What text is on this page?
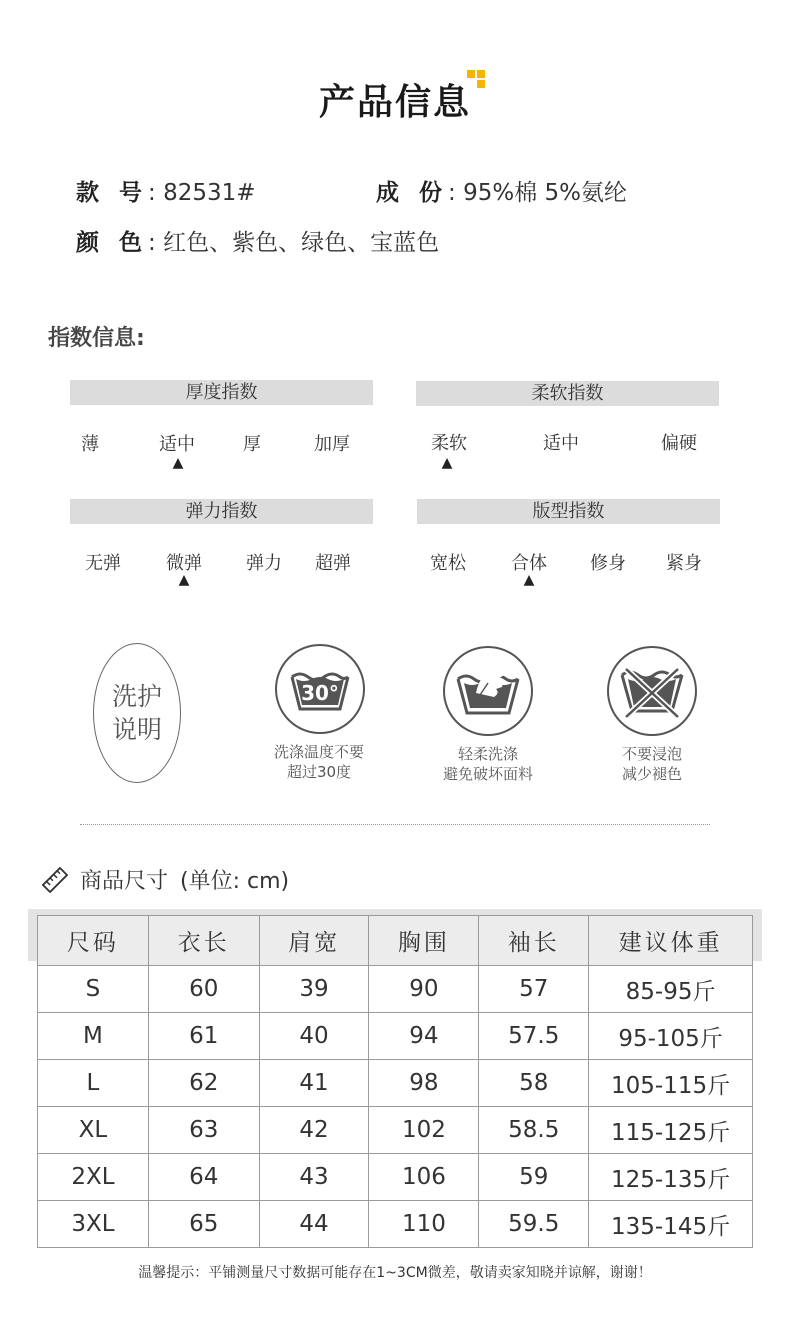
产品信息
款 号: 82531#	成 份: 95%棉 5%氨纶
颜 色: 红色、紫色、绿色、宝蓝色
指数信息:
厚度指数	柔软指数
弹力指数	版型指数
薄	适中	厚	加厚
▲
柔软	适中	偏硬
▲
无弹	微弹	弹力	超弹
▲
宽松	合体	修身	紧身
▲
洗护
说明
30°
洗涤温度不要
超过30度
轻柔洗涤
避免破坏面料
不要浸泡
减少褪色
商品尺寸 (单位: cm)
尺码	衣长	肩宽	胸围	袖长	建议体重
S	60	39	90	57	85-95斤
M	61	40	94	57.5	95-105斤
L	62	41	98	58	105-115斤
XL	63	42	102	58.5	115-125斤
2XL	64	43	106	59	125-135斤
3XL	65	44	110	59.5	135-145斤
温馨提示：平铺测量尺寸数据可能存在1~3CM微差，敬请卖家知晓并谅解，谢谢！
